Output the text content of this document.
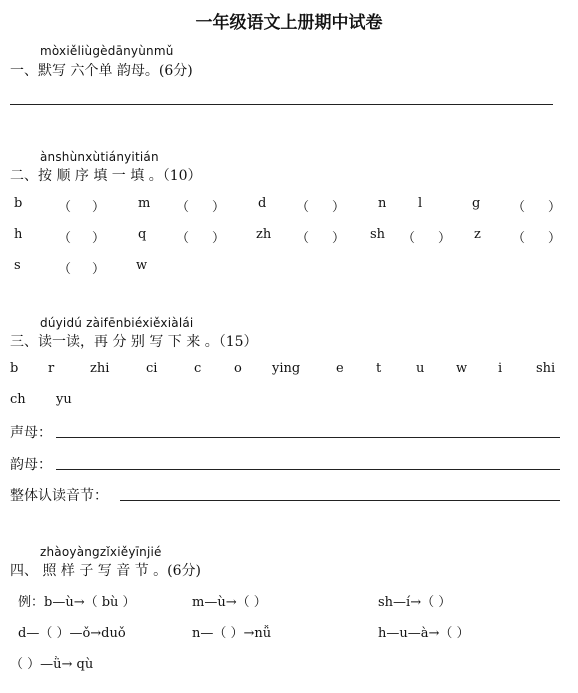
一年级语文上册期中试卷
mòxiěliùgèdānyùnmǔ
一、默写 六个单 韵母。(6分)
ànshùnxùtiányitián
二、按 顺 序 填 一 填 。（10）
b	（ ）	m （ ）	d （ ）	n l	g （ ）
h	（ ）	q （ ） zh （ ） sh （ ） z （ ）
s	（ ） w
dúyidú zàifēnbiéxiěxiàlái
三、读一读，再 分 别 写 下 来 。（15）
b r	zhi	ci	c	o ying	e t	u w i	shi
ch yu
声母：
韵母：
整体认读音节：
zhàoyàngzǐxiěyīnjié
四、 照 样 子 写 音 节 。(6分)
例：b—ù→（ bù ）	m—ù→（ ）	sh—í→（ ）
d—（ ）—ǒ→duǒ	n—（ ）→nǚ	h—u—à→（ ）
（ ）—ǜ→ qù
